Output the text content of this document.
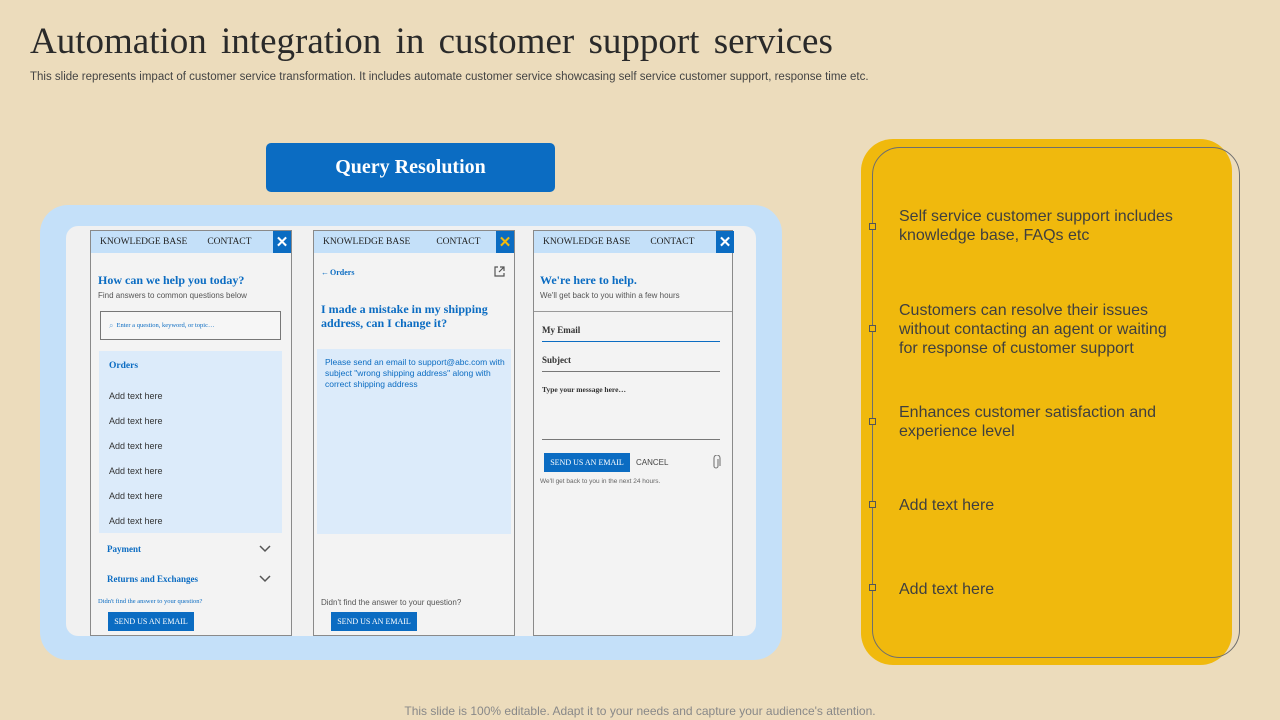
Automation integration in customer support services
This slide represents impact of customer service transformation. It includes automate customer service showcasing self service customer support, response time etc.
Query Resolution
KNOWLEDGE BASE CONTACT ✕
How can we help you today?
Find answers to common questions below
⌕ Enter a question, keyword, or topic…
Orders
Add text here
Add text here
Add text here
Add text here
Add text here
Add text here
Payment
Returns and Exchanges
Didn't find the answer to your question?
SEND US AN EMAIL
KNOWLEDGE BASE	CONTACT ✕
← Orders
I made a mistake in my shipping address, can I change it?
Please send an email to support@abc.com with subject "wrong shipping address" along with correct shipping address
Didn't find the answer to your question?
SEND US AN EMAIL
KNOWLEDGE BASE CONTACT ✕
We're here to help.
We'll get back to you within a few hours
My Email
Subject
Type your message here…
SEND US AN EMAIL	CANCEL
We'll get back to you in the next 24 hours.
Self service customer support includes knowledge base, FAQs etc
Customers can resolve their issues without contacting an agent or waiting for response of customer support
Enhances customer satisfaction and experience level
Add text here
Add text here
This slide is 100% editable. Adapt it to your needs and capture your audience's attention.
